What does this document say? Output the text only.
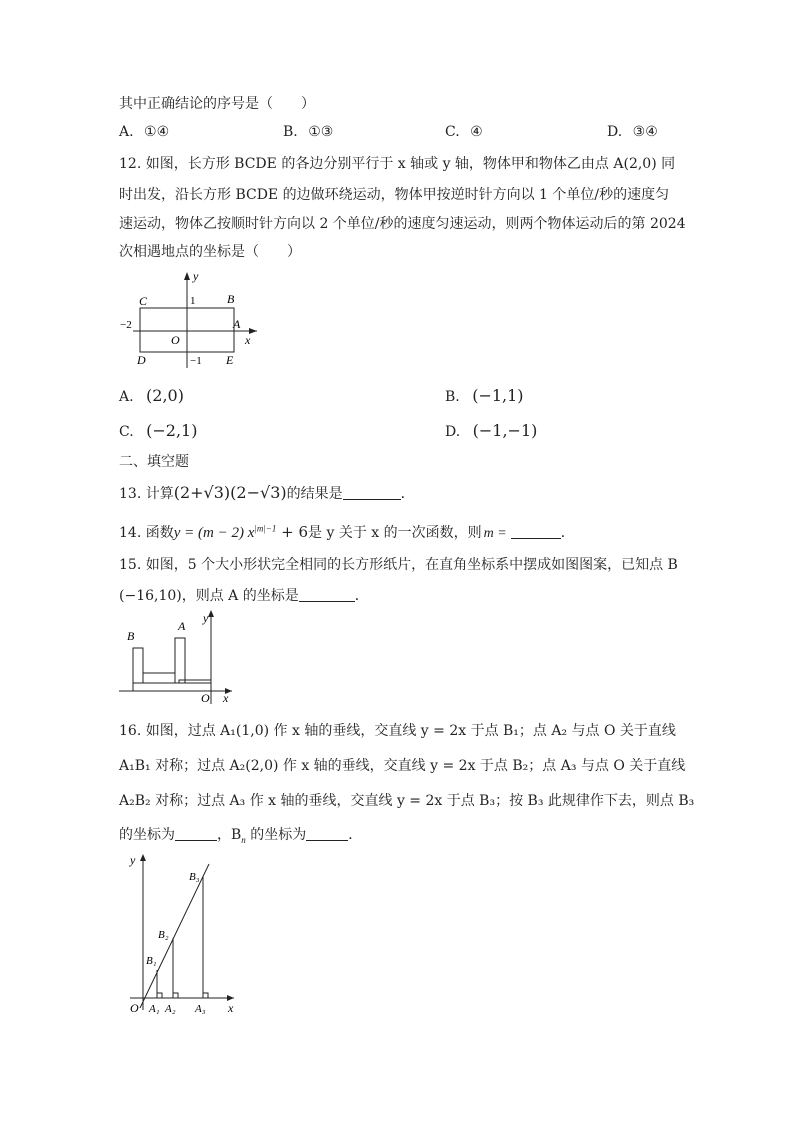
其中正确结论的序号是（　　）
A. ①④	B. ①③	C. ④	D. ③④
12. 如图，长方形 BCDE 的各边分别平行于 x 轴或 y 轴，物体甲和物体乙由点 A(2,0) 同
时出发，沿长方形 BCDE 的边做环绕运动，物体甲按逆时针方向以 1 个单位/秒的速度匀
速运动，物体乙按顺时针方向以 2 个单位/秒的速度匀速运动，则两个物体运动后的第 2024
次相遇地点的坐标是（　　）
y
x
C	B
A
D	E
O
1
−2
−1
A. (2,0)	B. (−1,1)
C. (−2,1)	D. (−1,−1)
二、填空题
13. 计算(2+√3)(2−√3)的结果是	．
14. 函数y = (m − 2) $x^{|m|-1} + 6$是 y 关于 x 的一次函数，则 m =	．
15. 如图，5 个大小形状完全相同的长方形纸片，在直角坐标系中摆成如图图案，已知点 B
(−16,10)，则点 A 的坐标是	．
y
x
O
B
A
16. 如图，过点 A₁(1,0) 作 x 轴的垂线，交直线 y = 2x 于点 B₁；点 A₂ 与点 O 关于直线
A₁B₁ 对称；过点 A₂(2,0) 作 x 轴的垂线，交直线 y = 2x 于点 B₂；点 A₃ 与点 O 关于直线
A₂B₂ 对称；过点 A₃ 作 x 轴的垂线，交直线 y = 2x 于点 B₃；按 B₃ 此规律作下去，则点 B₃
的坐标为	，$B_n$ 的坐标为	．
y
x
O A₁ A₂ A₃
B₁
B₂
B₃
